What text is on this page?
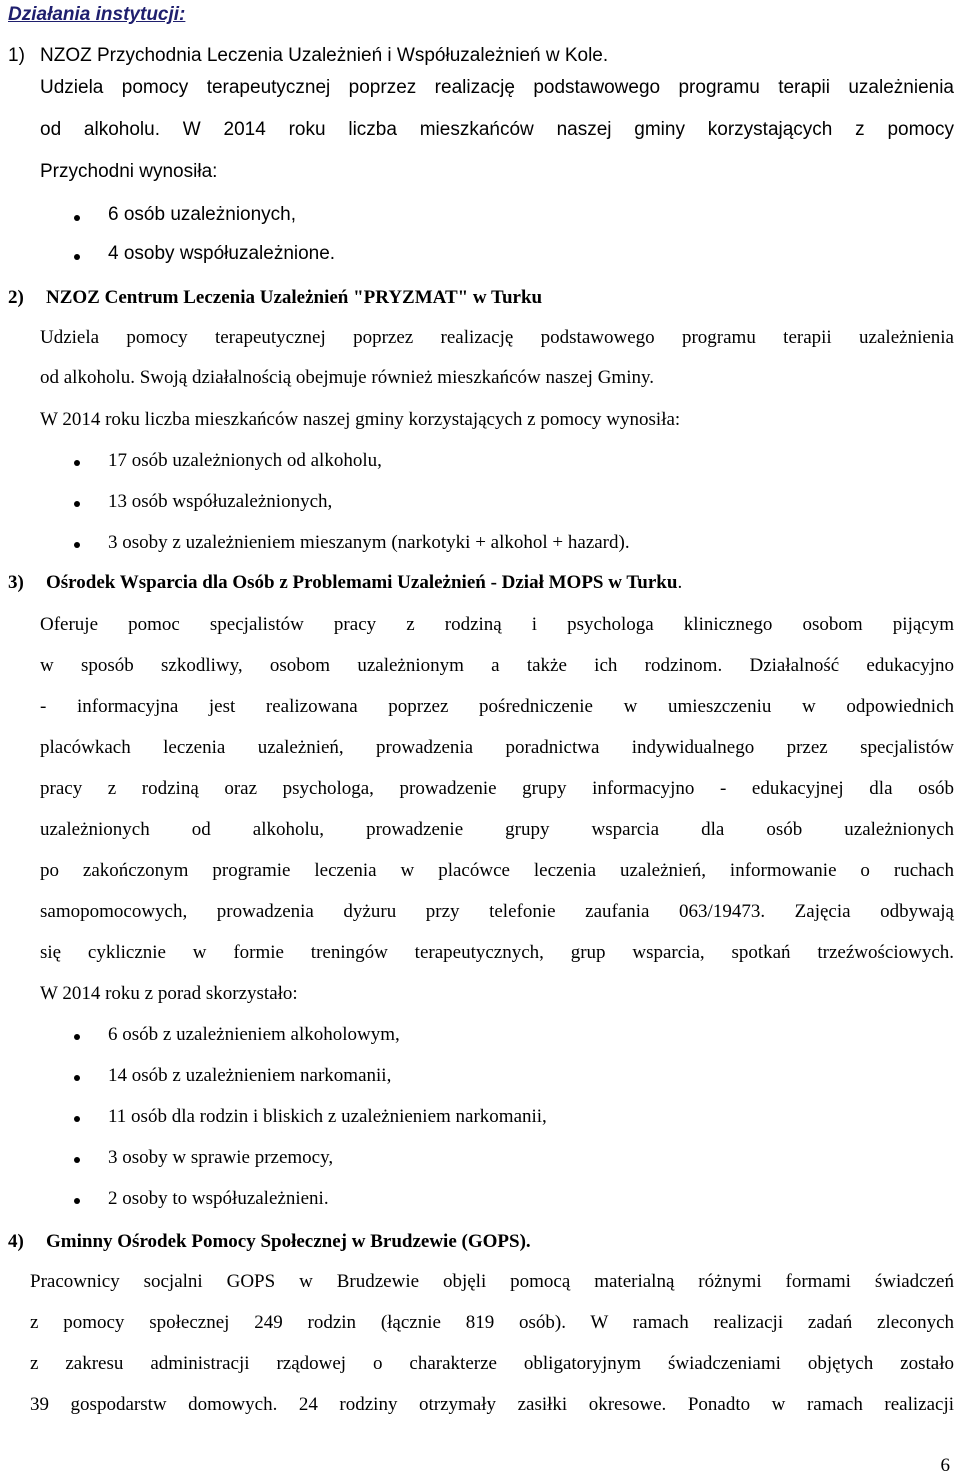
Działania instytucji:
1) NZOZ Przychodnia Leczenia Uzależnień i Współuzależnień w Kole.
Udziela pomocy terapeutycznej poprzez realizację podstawowego programu terapii uzależnienia
od alkoholu. W 2014 roku liczba mieszkańców naszej gminy korzystających z pomocy
Przychodni wynosiła:
6 osób uzależnionych,
4 osoby współuzależnione.
2) NZOZ Centrum Leczenia Uzależnień "PRYZMAT" w Turku
Udziela pomocy terapeutycznej poprzez realizację podstawowego programu terapii uzależnienia
od alkoholu. Swoją działalnością obejmuje również mieszkańców naszej Gminy.
W 2014 roku liczba mieszkańców naszej gminy korzystających z pomocy wynosiła:
17 osób uzależnionych od alkoholu,
13 osób współuzależnionych,
3 osoby z uzależnieniem mieszanym (narkotyki + alkohol + hazard).
3) Ośrodek Wsparcia dla Osób z Problemami Uzależnień - Dział MOPS w Turku.
Oferuje pomoc specjalistów pracy z rodziną i psychologa klinicznego osobom pijącym
w sposób szkodliwy, osobom uzależnionym a także ich rodzinom. Działalność edukacyjno
- informacyjna jest realizowana poprzez pośredniczenie w umieszczeniu w odpowiednich
placówkach leczenia uzależnień, prowadzenia poradnictwa indywidualnego przez specjalistów
pracy z rodziną oraz psychologa, prowadzenie grupy informacyjno - edukacyjnej dla osób
uzależnionych od alkoholu, prowadzenie grupy wsparcia dla osób uzależnionych
po zakończonym programie leczenia w placówce leczenia uzależnień, informowanie o ruchach
samopomocowych, prowadzenia dyżuru przy telefonie zaufania 063/19473. Zajęcia odbywają
się cyklicznie w formie treningów terapeutycznych, grup wsparcia, spotkań trzeźwościowych.
W 2014 roku z porad skorzystało:
6 osób z uzależnieniem alkoholowym,
14 osób z uzależnieniem narkomanii,
11 osób dla rodzin i bliskich z uzależnieniem narkomanii,
3 osoby w sprawie przemocy,
2 osoby to współuzależnieni.
4) Gminny Ośrodek Pomocy Społecznej w Brudzewie (GOPS).
Pracownicy socjalni GOPS w Brudzewie objęli pomocą materialną różnymi formami świadczeń
z pomocy społecznej 249 rodzin (łącznie 819 osób). W ramach realizacji zadań zleconych
z zakresu administracji rządowej o charakterze obligatoryjnym świadczeniami objętych zostało
39 gospodarstw domowych. 24 rodziny otrzymały zasiłki okresowe. Ponadto w ramach realizacji
6
